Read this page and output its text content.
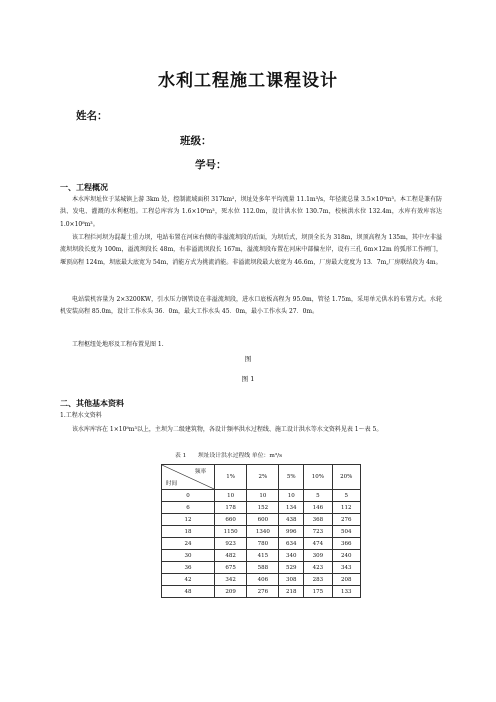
水利工程施工课程设计
姓名：
班级：
学号：
一、工程概况
本水库坝址位于某城镇上游 3km 处，控制流域面积 317km²，坝址处多年平均流量 11.1m³/s，年径流总量 3.5×10⁸m³。本工程是兼有防洪、发电、灌溉的水利枢纽。工程总库容为 1.6×10⁸m³，死水位 112.0m，设计洪水位 130.7m，校核洪水位 132.4m，水库有效库容达 1.0×10⁸m³。
该工程拦河坝为混凝土重力坝，电站布置在河床右侧的非溢流坝段的后面，为坝后式，坝顶全长为 318m，坝顶高程为 135m，其中左非溢流坝坝段长度为 100m，溢流坝段长 48m，右非溢流坝段长 167m，溢流坝段布置在河床中部偏左岸，设有三孔 6m×12m 的弧形工作闸门，堰顶高程 124m，坝底最大底宽为 54m，消能方式为挑流消能。非溢流坝段最大底宽为 46.6m，厂房最大宽度为 13．7m,厂房联结段为 4m。
电站装机容量为 2×3200KW，引水压力钢管设在非溢流坝段，进水口底板高程为 95.0m，管径 1.75m，采用单元供水的布置方式。水轮机安装高程 85.0m，设计工作水头 36．0m，最大工作水头 45．0m，最小工作水头 27．0m。
工程枢纽处地形及工程布置见图 1.
图
图 1
二、其他基本资料
1.工程水文资料
该水库库容在 1×10⁸m³以上，主坝为二级建筑物，各设计频率洪水过程线、施工设计洪水等水文资料见表 1～表 5。
表 1　　坝址设计洪水过程线 单位：m³/s
频率
时间	1%	2%	5%	10%	20%
0	10	10	10	5	5
6	178	152	134	146	112
12	660	600	438	368	276
18	1150	1340	996	723	504
24	923	780	634	474	366
30	482	415	340	309	240
36	675	588	529	423	343
42	342	406	308	283	208
48	209	276	218	175	133
